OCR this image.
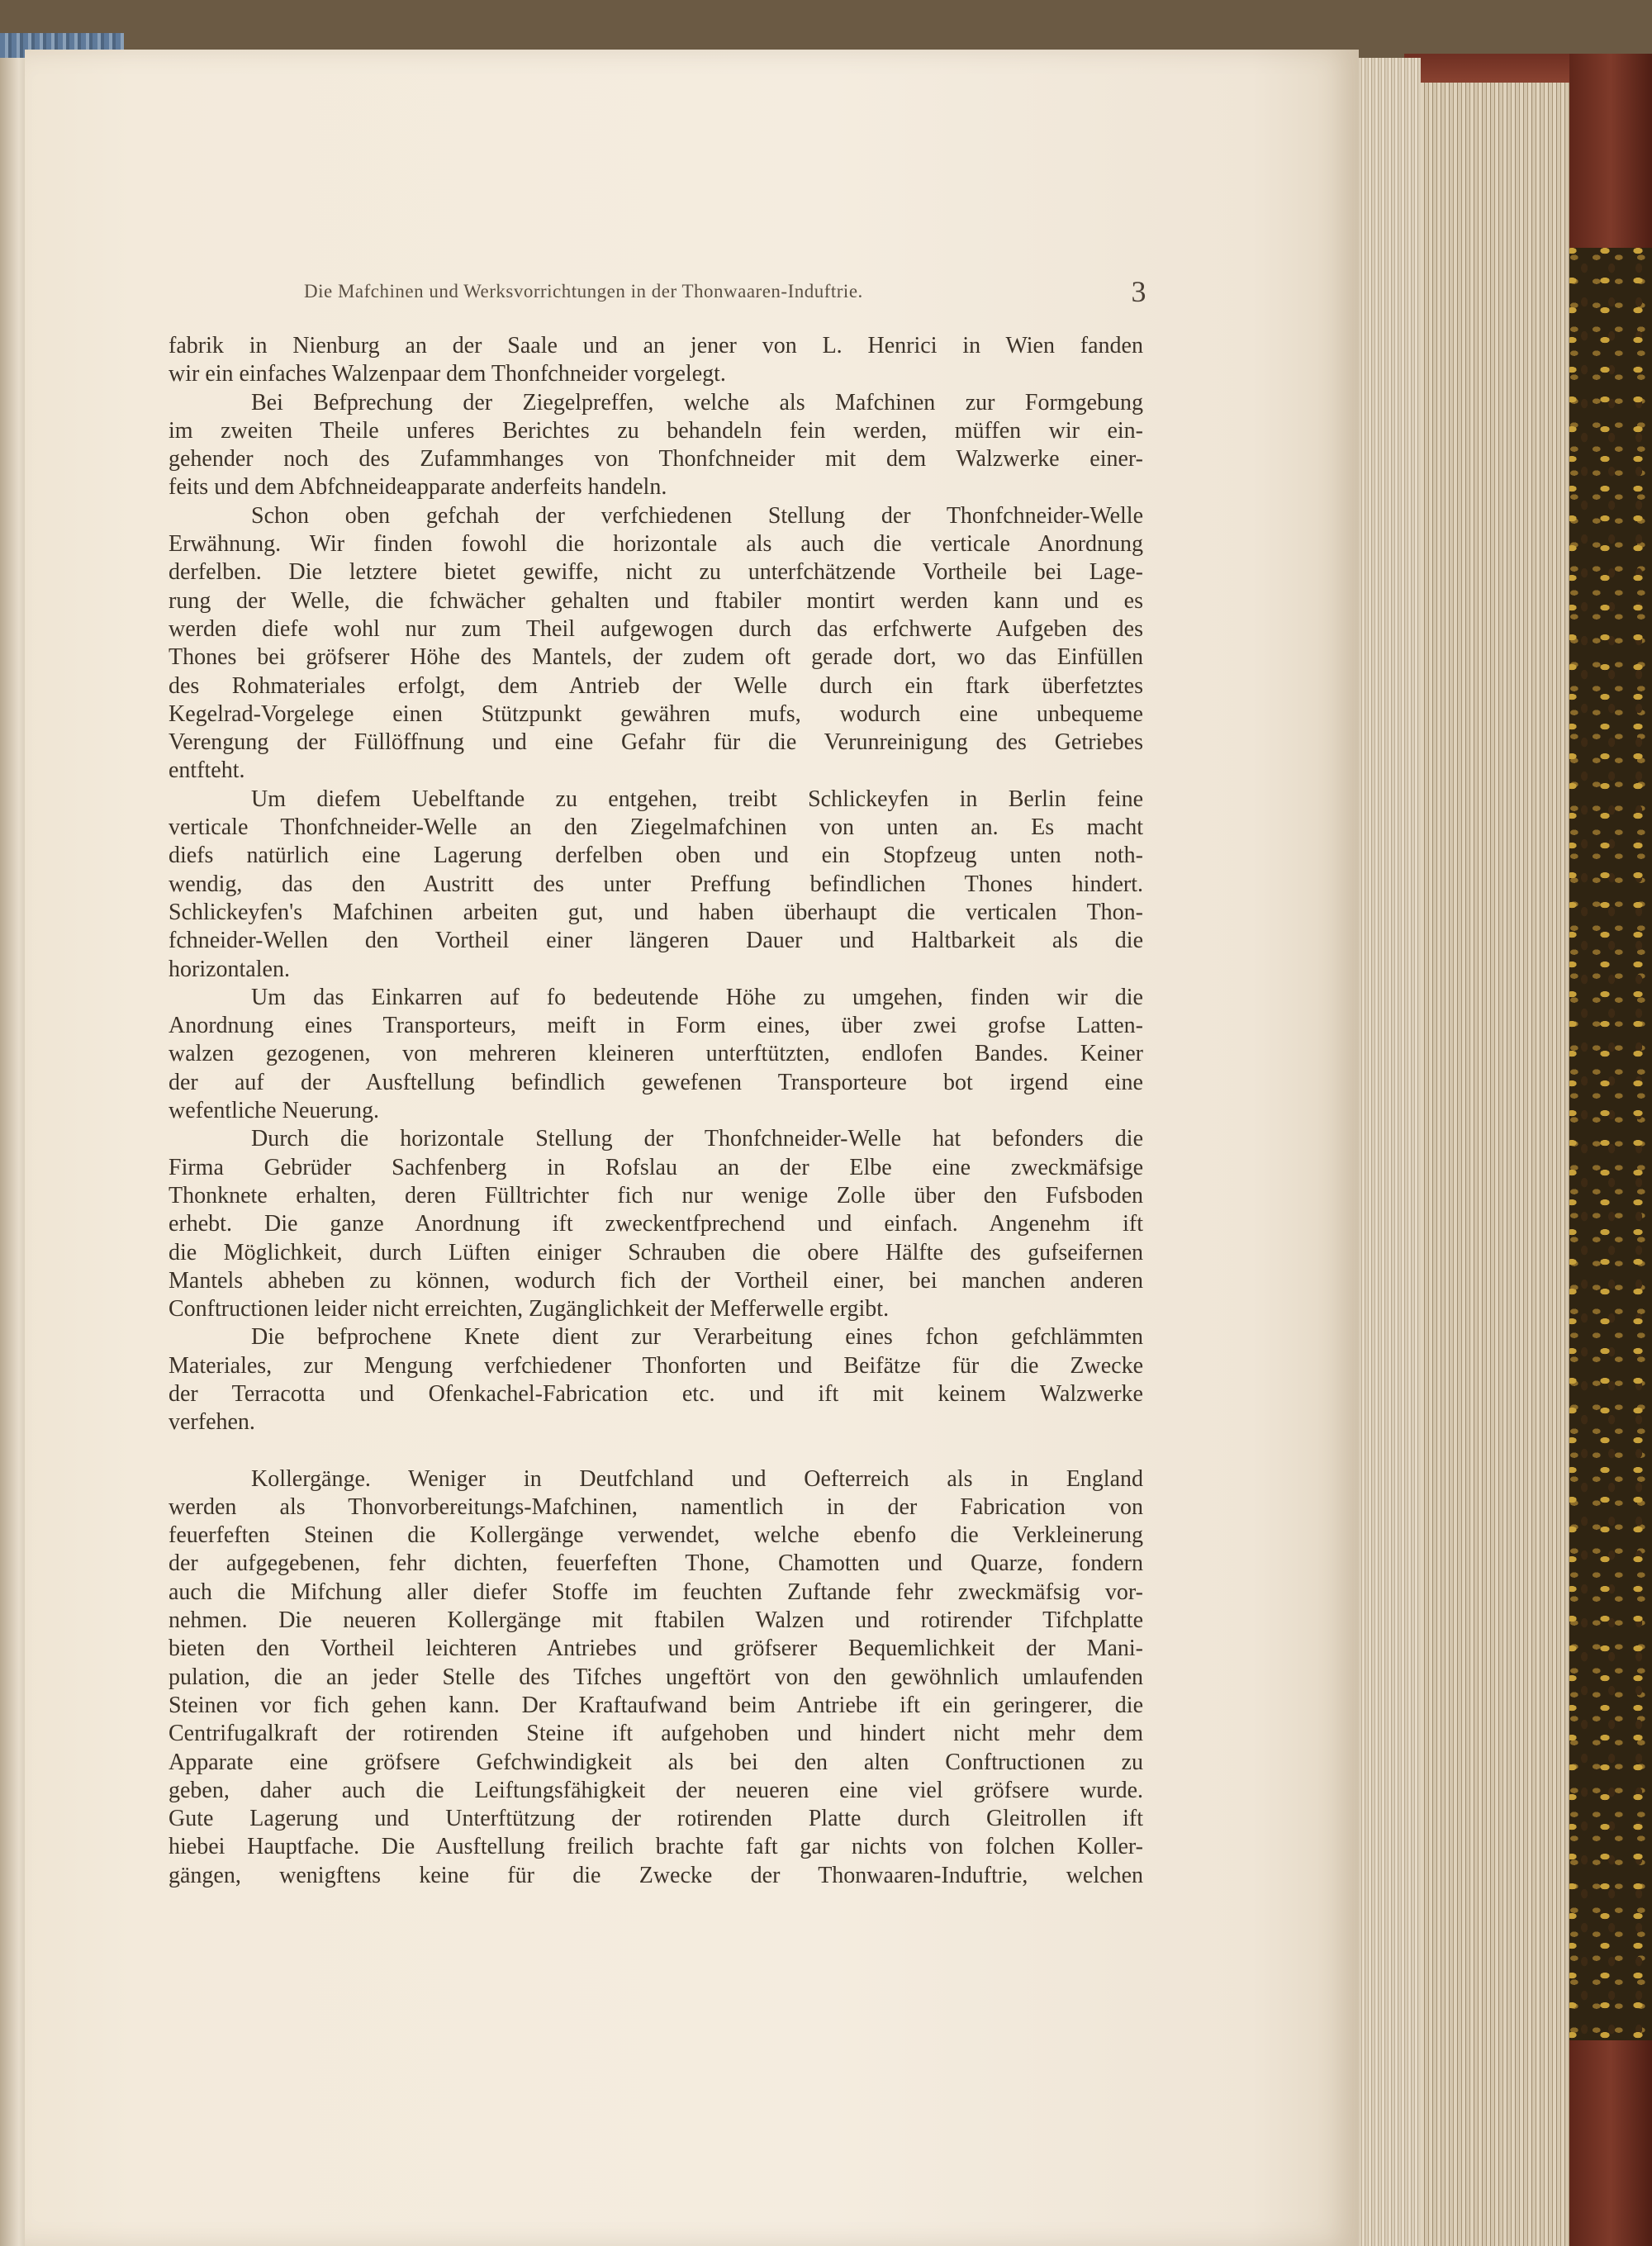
Die Mafchinen und Werksvorrichtungen in der Thonwaaren-Induftrie.	3
fabrik in Nienburg an der Saale und an jener von L. Henrici in Wien fanden
wir ein einfaches Walzenpaar dem Thonfchneider vorgelegt.
Bei Befprechung der Ziegelpreffen, welche als Mafchinen zur Formgebung
im zweiten Theile unferes Berichtes zu behandeln fein werden, müffen wir ein-
gehender noch des Zufammhanges von Thonfchneider mit dem Walzwerke einer-
feits und dem Abfchneideapparate anderfeits handeln.
Schon oben gefchah der verfchiedenen Stellung der Thonfchneider-Welle
Erwähnung. Wir finden fowohl die horizontale als auch die verticale Anordnung
derfelben. Die letztere bietet gewiffe, nicht zu unterfchätzende Vortheile bei Lage-
rung der Welle, die fchwächer gehalten und ftabiler montirt werden kann und es
werden diefe wohl nur zum Theil aufgewogen durch das erfchwerte Aufgeben des
Thones bei gröfserer Höhe des Mantels, der zudem oft gerade dort, wo das Einfüllen
des Rohmateriales erfolgt, dem Antrieb der Welle durch ein ftark überfetztes
Kegelrad-Vorgelege einen Stützpunkt gewähren mufs, wodurch eine unbequeme
Verengung der Füllöffnung und eine Gefahr für die Verunreinigung des Getriebes
entfteht.
Um diefem Uebelftande zu entgehen, treibt Schlickeyfen in Berlin feine
verticale Thonfchneider-Welle an den Ziegelmafchinen von unten an. Es macht
diefs natürlich eine Lagerung derfelben oben und ein Stopfzeug unten noth-
wendig, das den Austritt des unter Preffung befindlichen Thones hindert.
Schlickeyfen's Mafchinen arbeiten gut, und haben überhaupt die verticalen Thon-
fchneider-Wellen den Vortheil einer längeren Dauer und Haltbarkeit als die
horizontalen.
Um das Einkarren auf fo bedeutende Höhe zu umgehen, finden wir die
Anordnung eines Transporteurs, meift in Form eines, über zwei grofse Latten-
walzen gezogenen, von mehreren kleineren unterftützten, endlofen Bandes. Keiner
der auf der Ausftellung befindlich gewefenen Transporteure bot irgend eine
wefentliche Neuerung.
Durch die horizontale Stellung der Thonfchneider-Welle hat befonders die
Firma Gebrüder Sachfenberg in Rofslau an der Elbe eine zweckmäfsige
Thonknete erhalten, deren Fülltrichter fich nur wenige Zolle über den Fufsboden
erhebt. Die ganze Anordnung ift zweckentfprechend und einfach. Angenehm ift
die Möglichkeit, durch Lüften einiger Schrauben die obere Hälfte des gufseifernen
Mantels abheben zu können, wodurch fich der Vortheil einer, bei manchen anderen
Conftructionen leider nicht erreichten, Zugänglichkeit der Mefferwelle ergibt.
Die befprochene Knete dient zur Verarbeitung eines fchon gefchlämmten
Materiales, zur Mengung verfchiedener Thonforten und Beifätze für die Zwecke
der Terracotta und Ofenkachel-Fabrication etc. und ift mit keinem Walzwerke
verfehen.
Kollergänge. Weniger in Deutfchland und Oefterreich als in England
werden als Thonvorbereitungs-Mafchinen, namentlich in der Fabrication von
feuerfeften Steinen die Kollergänge verwendet, welche ebenfo die Verkleinerung
der aufgegebenen, fehr dichten, feuerfeften Thone, Chamotten und Quarze, fondern
auch die Mifchung aller diefer Stoffe im feuchten Zuftande fehr zweckmäfsig vor-
nehmen. Die neueren Kollergänge mit ftabilen Walzen und rotirender Tifchplatte
bieten den Vortheil leichteren Antriebes und gröfserer Bequemlichkeit der Mani-
pulation, die an jeder Stelle des Tifches ungeftört von den gewöhnlich umlaufenden
Steinen vor fich gehen kann. Der Kraftaufwand beim Antriebe ift ein geringerer, die
Centrifugalkraft der rotirenden Steine ift aufgehoben und hindert nicht mehr dem
Apparate eine gröfsere Gefchwindigkeit als bei den alten Conftructionen zu
geben, daher auch die Leiftungsfähigkeit der neueren eine viel gröfsere wurde.
Gute Lagerung und Unterftützung der rotirenden Platte durch Gleitrollen ift
hiebei Hauptfache. Die Ausftellung freilich brachte faft gar nichts von folchen Koller-
gängen, wenigftens keine für die Zwecke der Thonwaaren-Induftrie, welchen
